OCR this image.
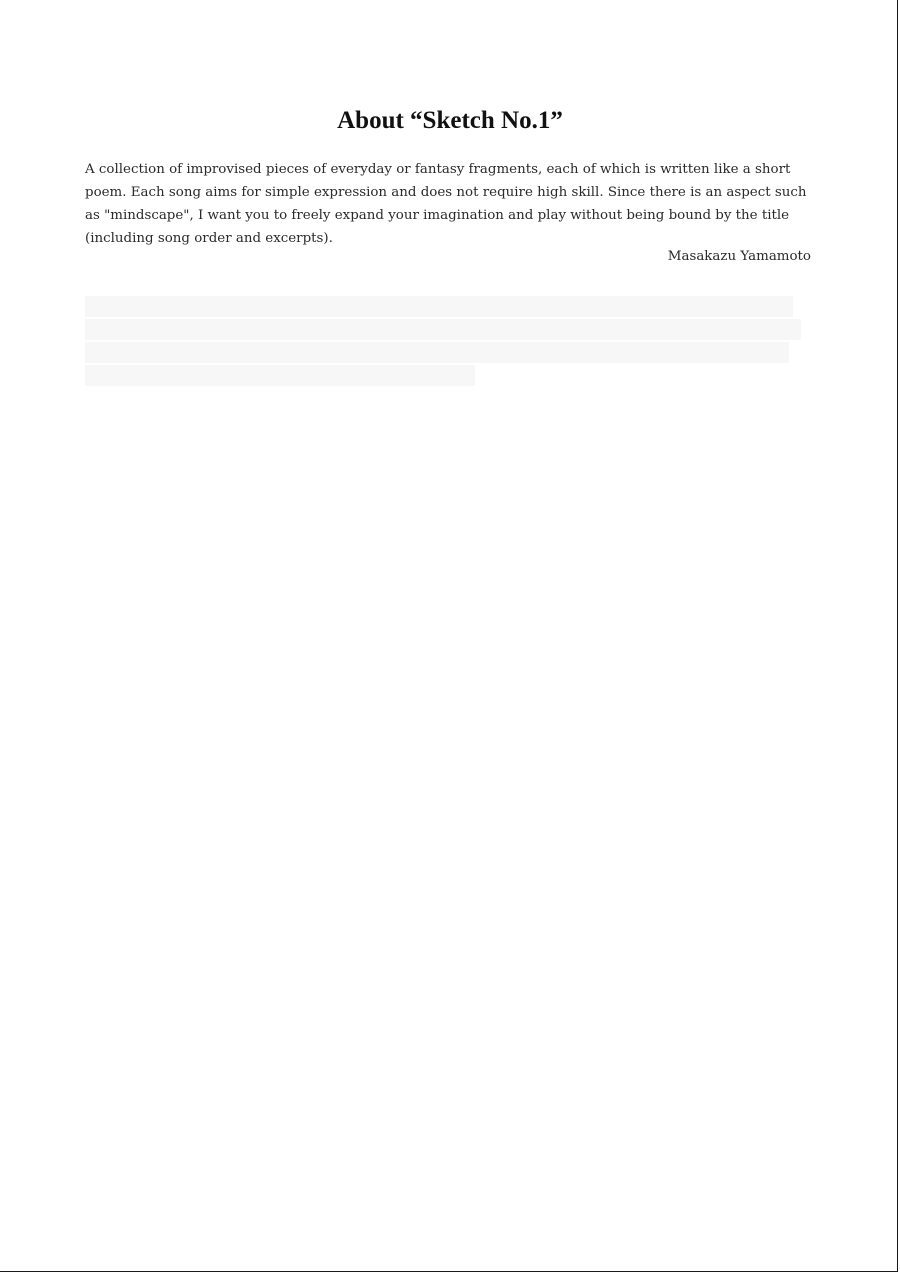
About “Sketch No.1”

A collection of improvised pieces of everyday or fantasy fragments, each of which is written like a short poem. Each song aims for simple expression and does not require high skill. Since there is an aspect such as "mindscape", I want you to freely expand your imagination and play without being bound by the title (including song order and excerpts).

Masakazu Yamamoto
